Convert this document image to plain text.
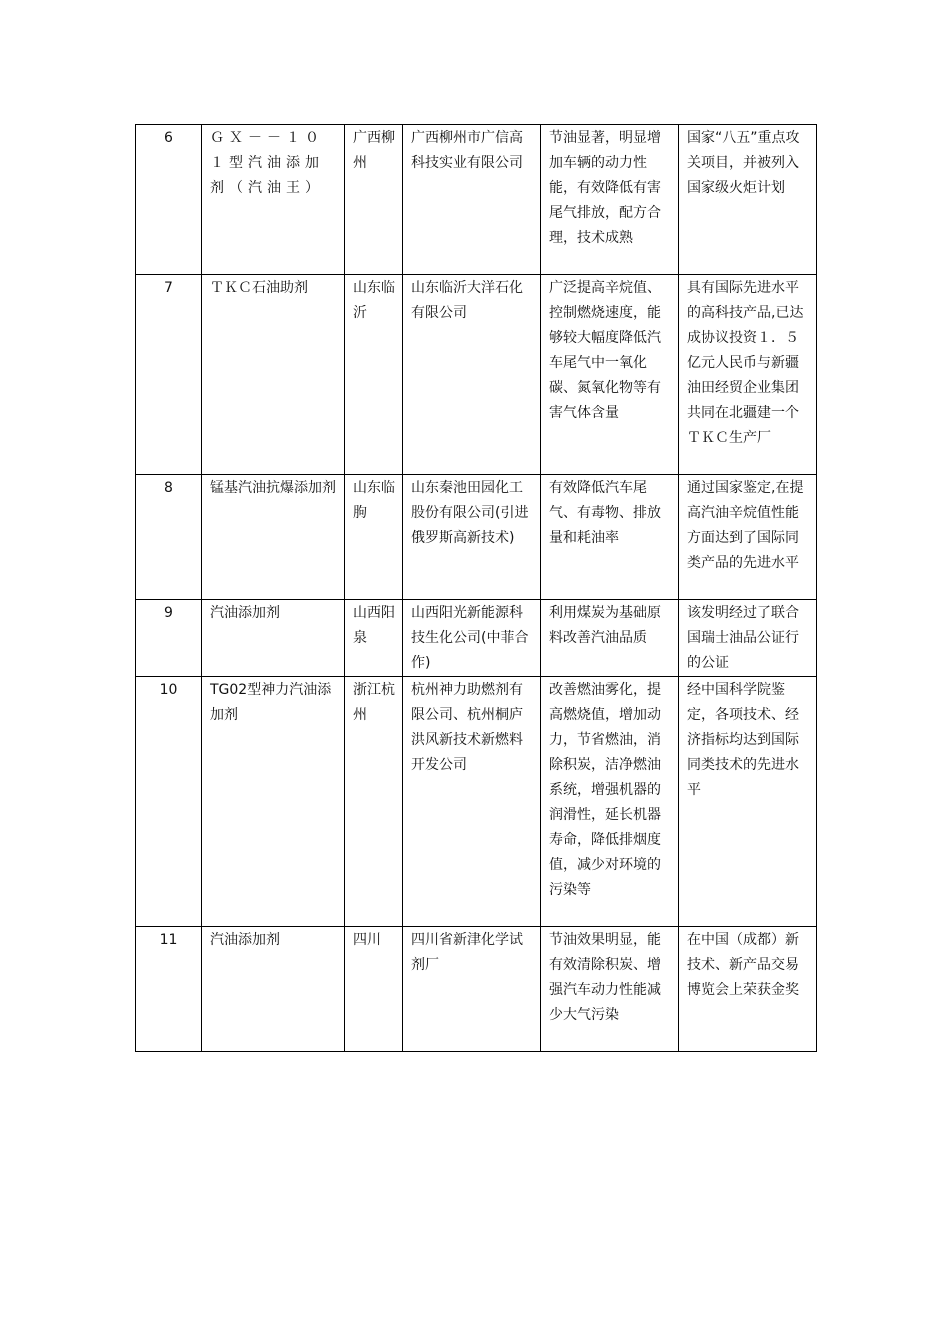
6	ＧＸ－－１０１型汽油添加剂（汽油王）	广西柳州	广西柳州市广信高科技实业有限公司	节油显著，明显增加车辆的动力性能，有效降低有害尾气排放，配方合理，技术成熟	国家“八五”重点攻关项目，并被列入国家级火炬计划
7	ＴＫＣ石油助剂	山东临沂	山东临沂大洋石化有限公司	广泛提高辛烷值、控制燃烧速度，能够较大幅度降低汽车尾气中一氧化碳、氮氧化物等有害气体含量	具有国际先进水平的高科技产品,已达成协议投资１．５亿元人民币与新疆油田经贸企业集团共同在北疆建一个ＴＫＣ生产厂
8	锰基汽油抗爆添加剂	山东临朐	山东秦池田园化工股份有限公司(引进俄罗斯高新技术)	有效降低汽车尾气、有毒物、排放量和耗油率	通过国家鉴定,在提高汽油辛烷值性能方面达到了国际同类产品的先进水平
9	汽油添加剂	山西阳泉	山西阳光新能源科技生化公司(中菲合作)	利用煤炭为基础原料改善汽油品质	该发明经过了联合国瑞士油品公证行的公证
10	TG02型神力汽油添加剂	浙江杭州	杭州神力助燃剂有限公司、杭州桐庐洪风新技术新燃料开发公司	改善燃油雾化，提高燃烧值，增加动力，节省燃油，消除积炭，洁净燃油系统，增强机器的润滑性，延长机器寿命，降低排烟度值，减少对环境的污染等	经中国科学院鉴定，各项技术、经济指标均达到国际同类技术的先进水平
11	汽油添加剂	四川	四川省新津化学试剂厂	节油效果明显，能有效清除积炭、增强汽车动力性能减少大气污染	在中国（成都）新技术、新产品交易博览会上荣获金奖
